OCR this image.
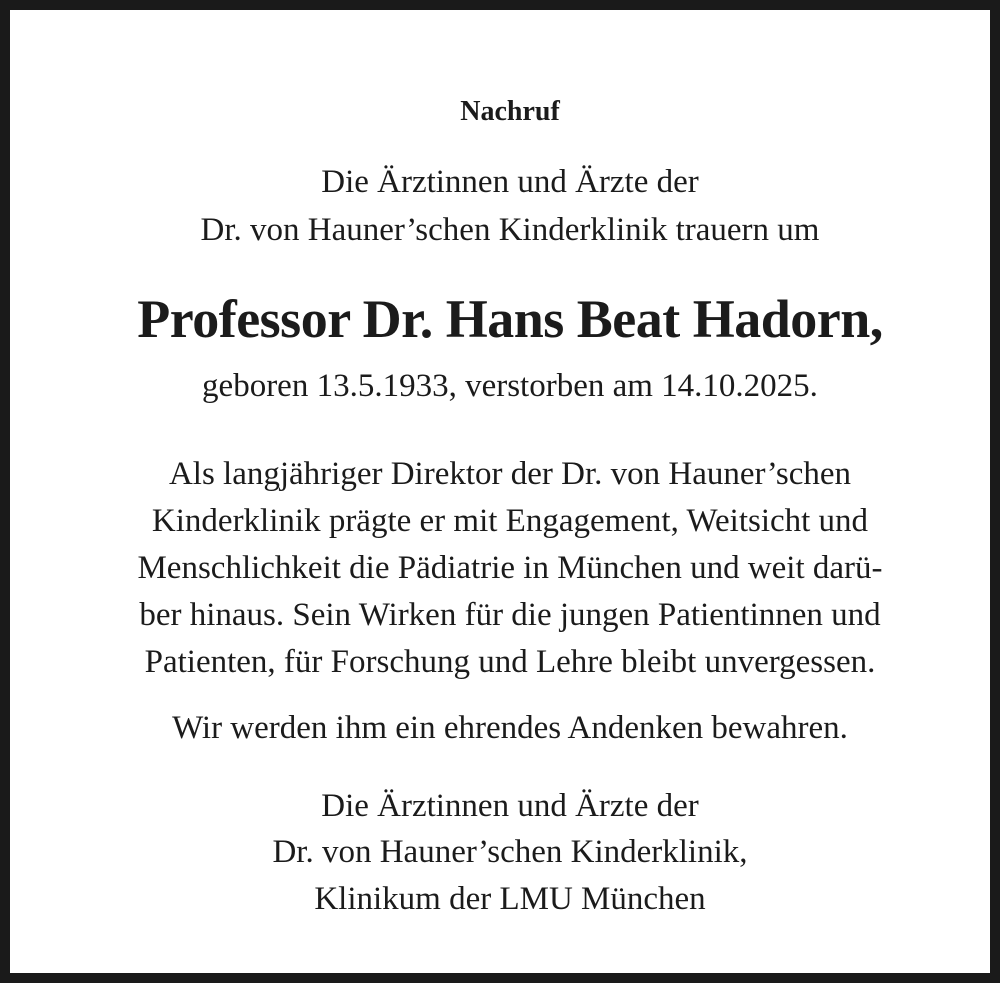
Nachruf
Die Ärztinnen und Ärzte der
Dr. von Hauner’schen Kinderklinik trauern um
Professor Dr. Hans Beat Hadorn,
geboren 13.5.1933, verstorben am 14.10.2025.
Als langjähriger Direktor der Dr. von Hauner’schen
Kinderklinik prägte er mit Engagement, Weitsicht und
Menschlichkeit die Pädiatrie in München und weit darü-
ber hinaus. Sein Wirken für die jungen Patientinnen und
Patienten, für Forschung und Lehre bleibt unvergessen.
Wir werden ihm ein ehrendes Andenken bewahren.
Die Ärztinnen und Ärzte der
Dr. von Hauner’schen Kinderklinik,
Klinikum der LMU München
